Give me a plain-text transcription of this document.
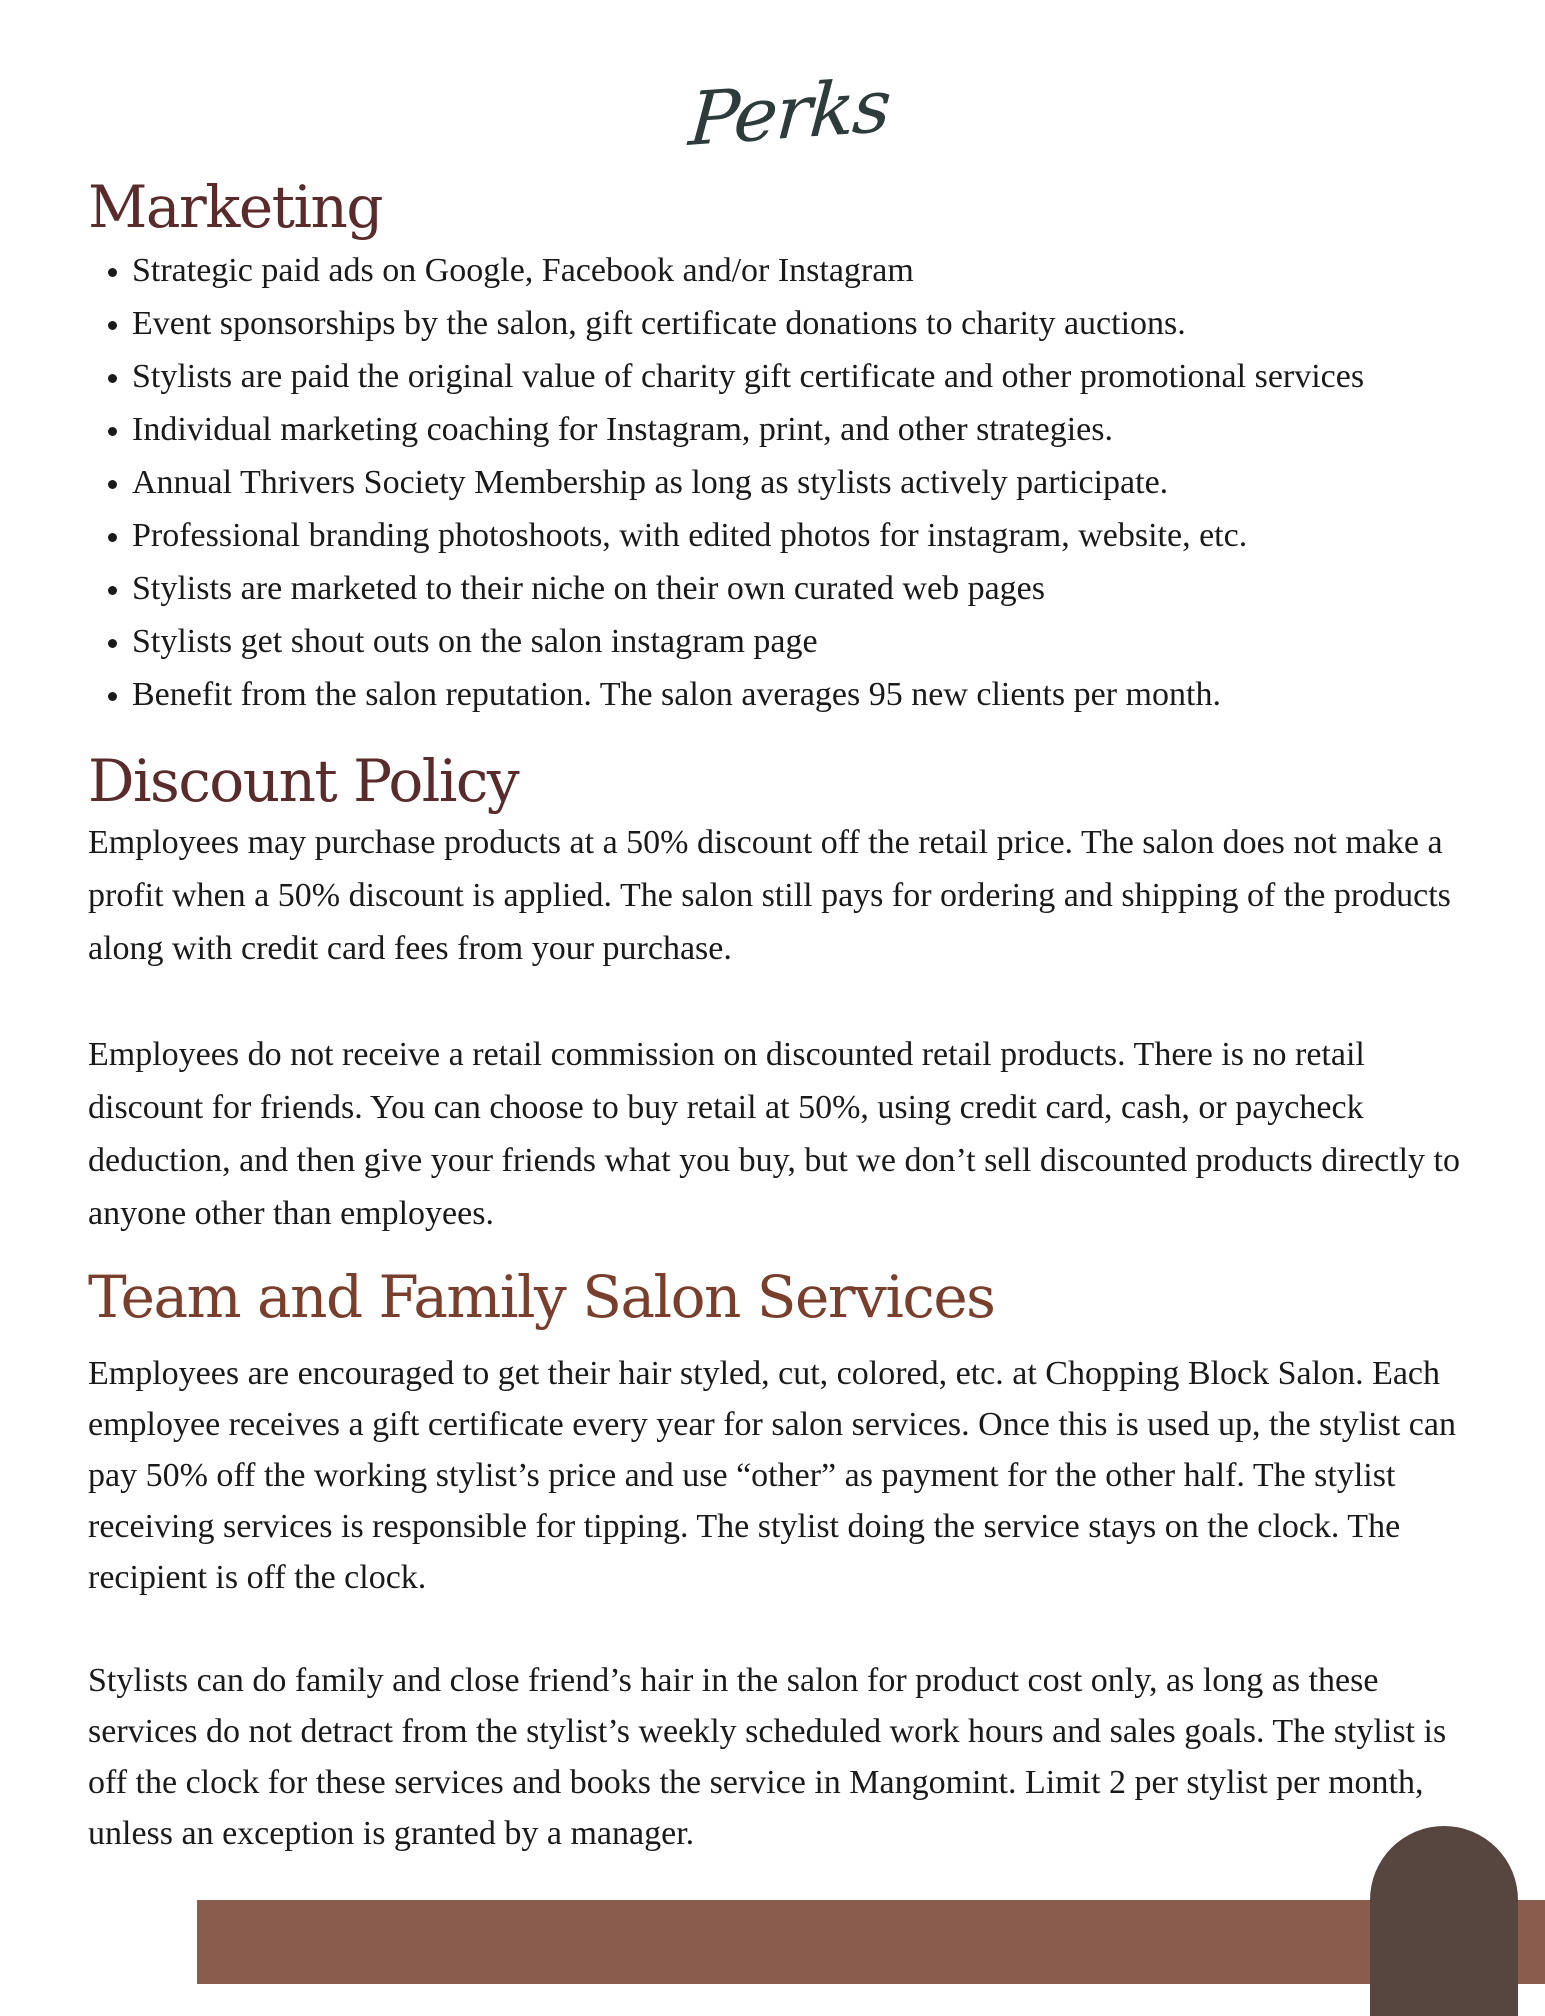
Perks
Marketing
• Strategic paid ads on Google, Facebook and/or Instagram
• Event sponsorships by the salon, gift certificate donations to charity auctions.
• Stylists are paid the original value of charity gift certificate and other promotional services
• Individual marketing coaching for Instagram, print, and other strategies.
• Annual Thrivers Society Membership as long as stylists actively participate.
• Professional branding photoshoots, with edited photos for instagram, website, etc.
• Stylists are marketed to their niche on their own curated web pages
• Stylists get shout outs on the salon instagram page
• Benefit from the salon reputation. The salon averages 95 new clients per month.
Discount Policy

Employees may purchase products at a 50% discount off the retail price. The salon does not make a profit when a 50% discount is applied. The salon still pays for ordering and shipping of the products along with credit card fees from your purchase.

Employees do not receive a retail commission on discounted retail products. There is no retail discount for friends. You can choose to buy retail at 50%, using credit card, cash, or paycheck deduction, and then give your friends what you buy, but we don’t sell discounted products directly to anyone other than employees.

Team and Family Salon Services

Employees are encouraged to get their hair styled, cut, colored, etc. at Chopping Block Salon. Each employee receives a gift certificate every year for salon services. Once this is used up, the stylist can pay 50% off the working stylist’s price and use “other” as payment for the other half. The stylist receiving services is responsible for tipping. The stylist doing the service stays on the clock. The recipient is off the clock.

Stylists can do family and close friend’s hair in the salon for product cost only, as long as these services do not detract from the stylist’s weekly scheduled work hours and sales goals. The stylist is off the clock for these services and books the service in Mangomint. Limit 2 per stylist per month, unless an exception is granted by a manager.
